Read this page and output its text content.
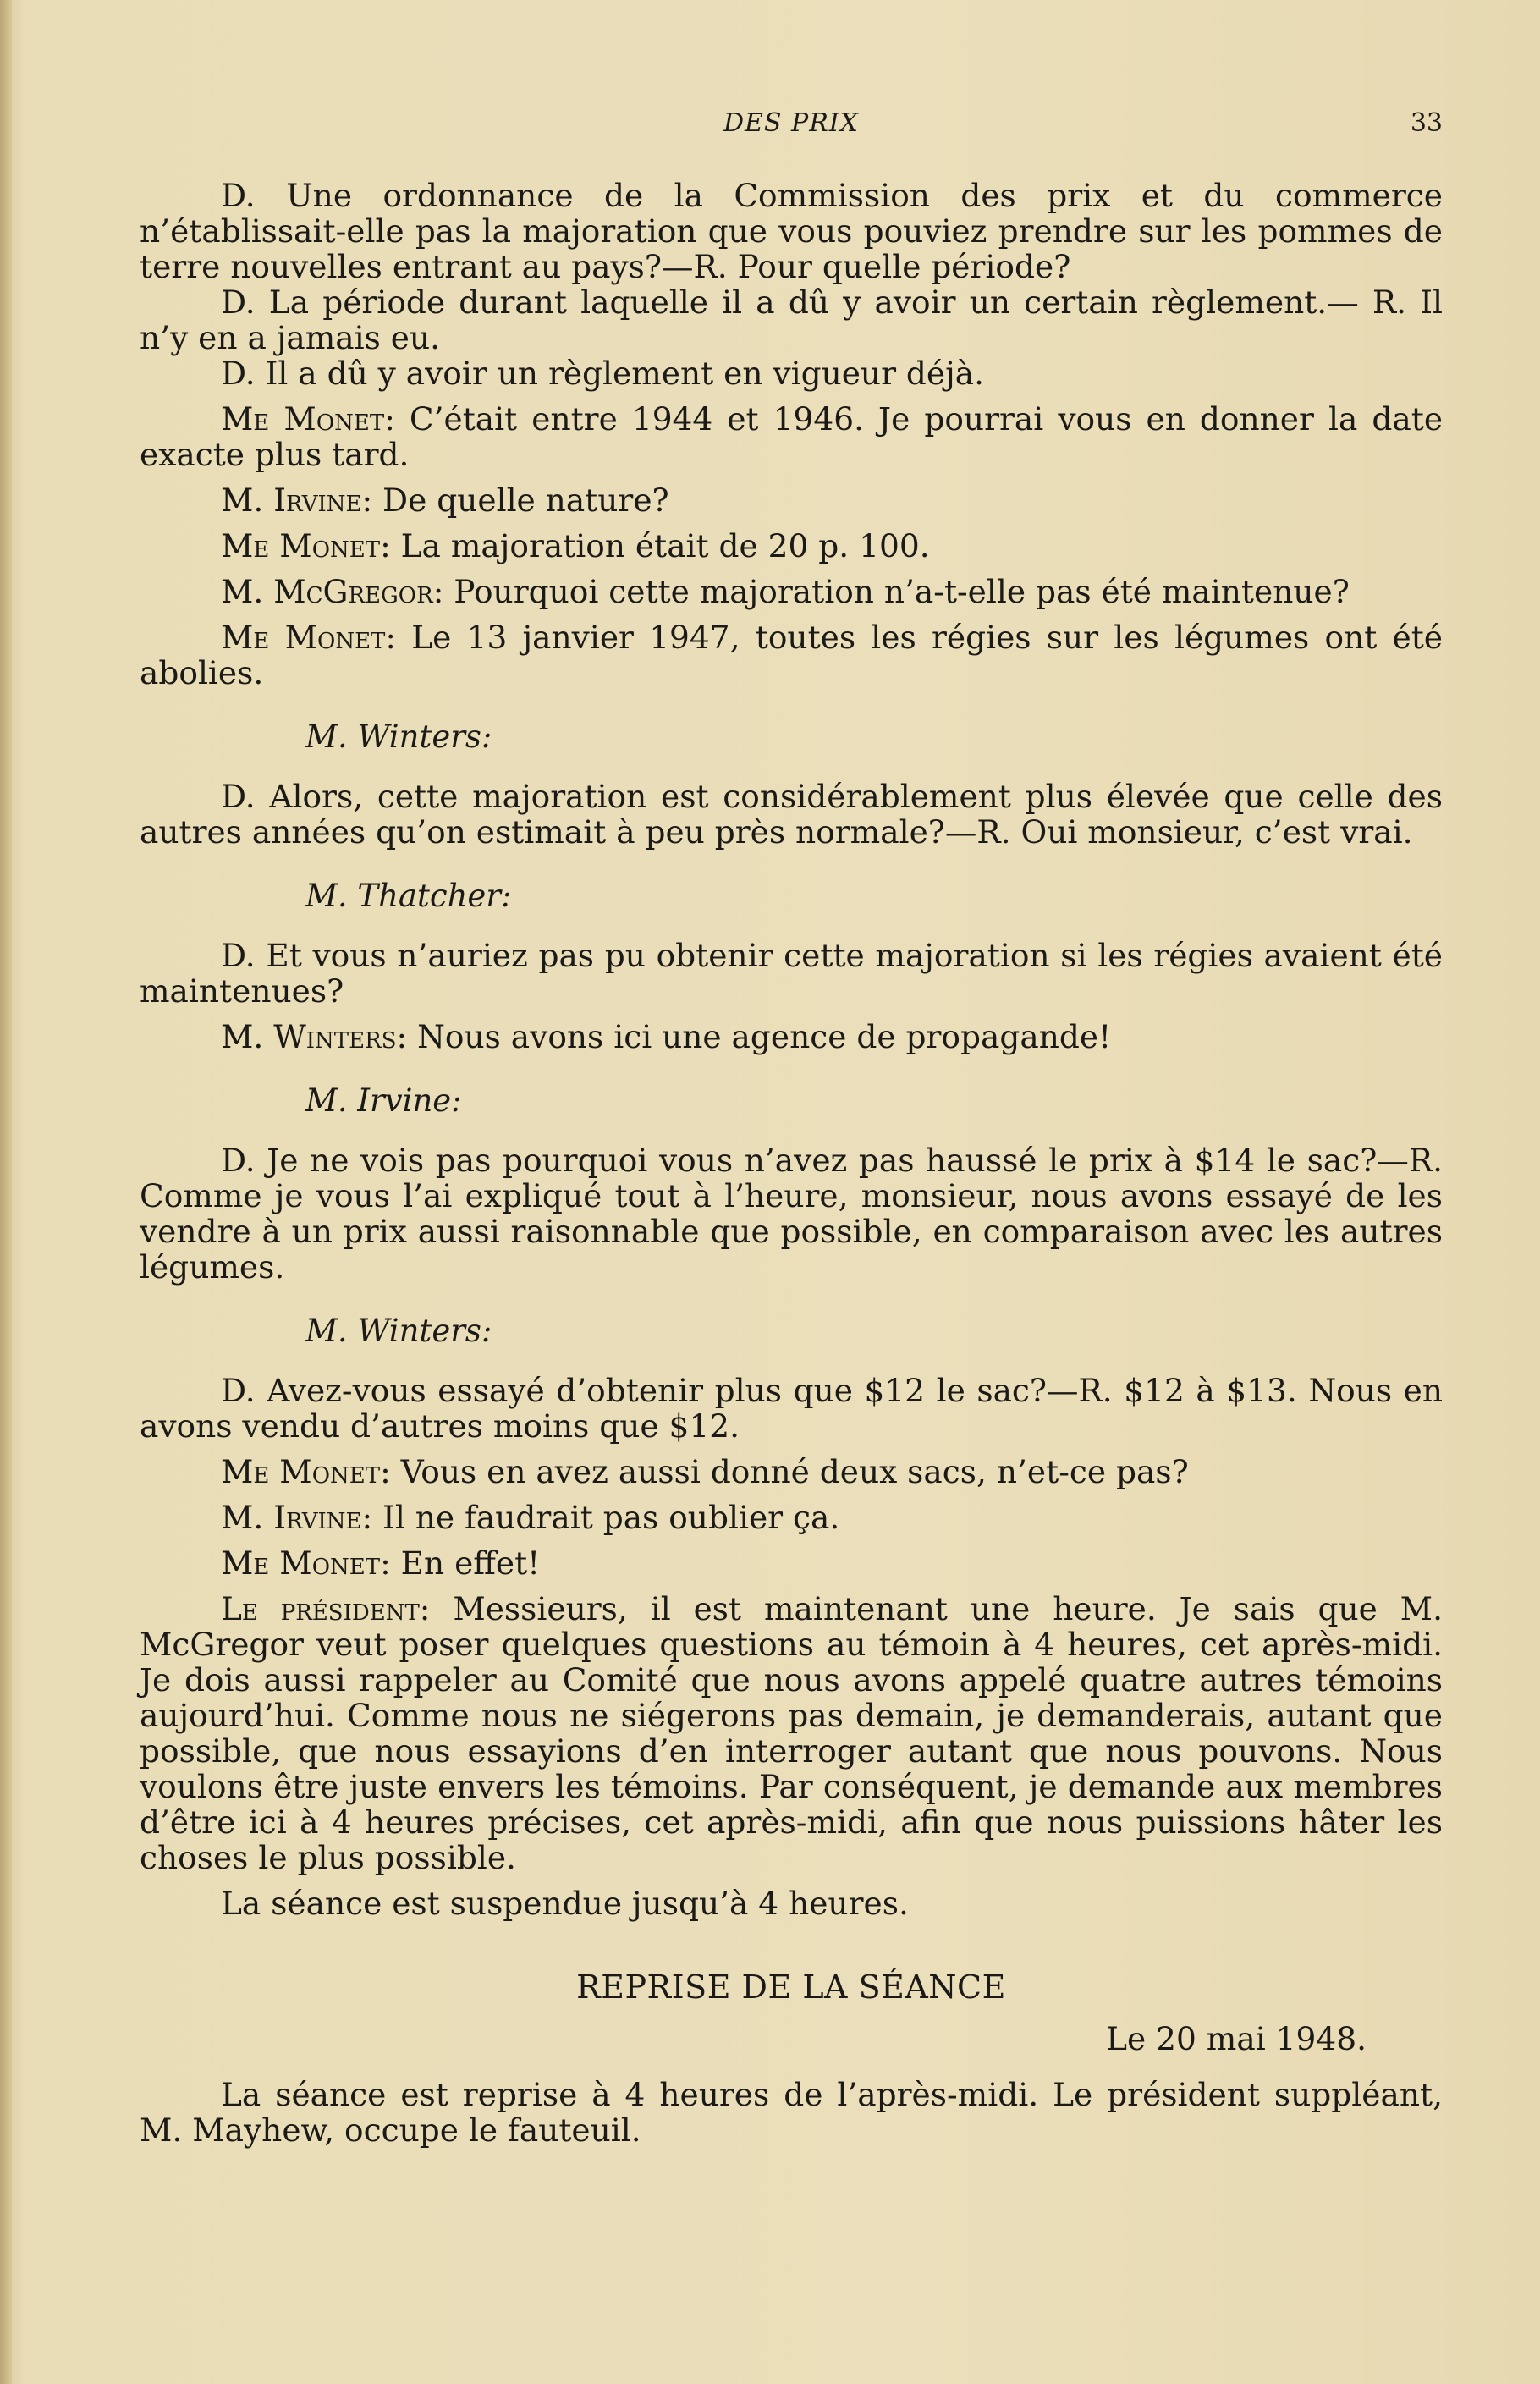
DES PRIX	33

D. Une ordonnance de la Commission des prix et du commerce n’établissait-elle pas la majoration que vous pouviez prendre sur les pommes de terre nouvelles entrant au pays?—R. Pour quelle période?

D. La période durant laquelle il a dû y avoir un certain règlement.— R. Il n’y en a jamais eu.

D. Il a dû y avoir un règlement en vigueur déjà.

Me Monet: C’était entre 1944 et 1946. Je pourrai vous en donner la date exacte plus tard.

M. Irvine: De quelle nature?

Me Monet: La majoration était de 20 p. 100.

M. McGregor: Pourquoi cette majoration n’a-t-elle pas été maintenue?

Me Monet: Le 13 janvier 1947, toutes les régies sur les légumes ont été abolies.

M. Winters:

D. Alors, cette majoration est considérablement plus élevée que celle des autres années qu’on estimait à peu près normale?—R. Oui monsieur, c’est vrai.

M. Thatcher:

D. Et vous n’auriez pas pu obtenir cette majoration si les régies avaient été maintenues?

M. Winters: Nous avons ici une agence de propagande!

M. Irvine:

D. Je ne vois pas pourquoi vous n’avez pas haussé le prix à $14 le sac?—R. Comme je vous l’ai expliqué tout à l’heure, monsieur, nous avons essayé de les vendre à un prix aussi raisonnable que possible, en comparaison avec les autres légumes.

M. Winters:

D. Avez-vous essayé d’obtenir plus que $12 le sac?—R. $12 à $13. Nous en avons vendu d’autres moins que $12.

Me Monet: Vous en avez aussi donné deux sacs, n’et-ce pas?

M. Irvine: Il ne faudrait pas oublier ça.

Me Monet: En effet!

Le président: Messieurs, il est maintenant une heure. Je sais que M. McGregor veut poser quelques questions au témoin à 4 heures, cet après-midi. Je dois aussi rappeler au Comité que nous avons appelé quatre autres témoins aujourd’hui. Comme nous ne siégerons pas demain, je demanderais, autant que possible, que nous essayions d’en interroger autant que nous pouvons. Nous voulons être juste envers les témoins. Par conséquent, je demande aux membres d’être ici à 4 heures précises, cet après-midi, afin que nous puissions hâter les choses le plus possible.

La séance est suspendue jusqu’à 4 heures.

REPRISE DE LA SÉANCE
Le 20 mai 1948.

La séance est reprise à 4 heures de l’après-midi. Le président suppléant, M. Mayhew, occupe le fauteuil.
